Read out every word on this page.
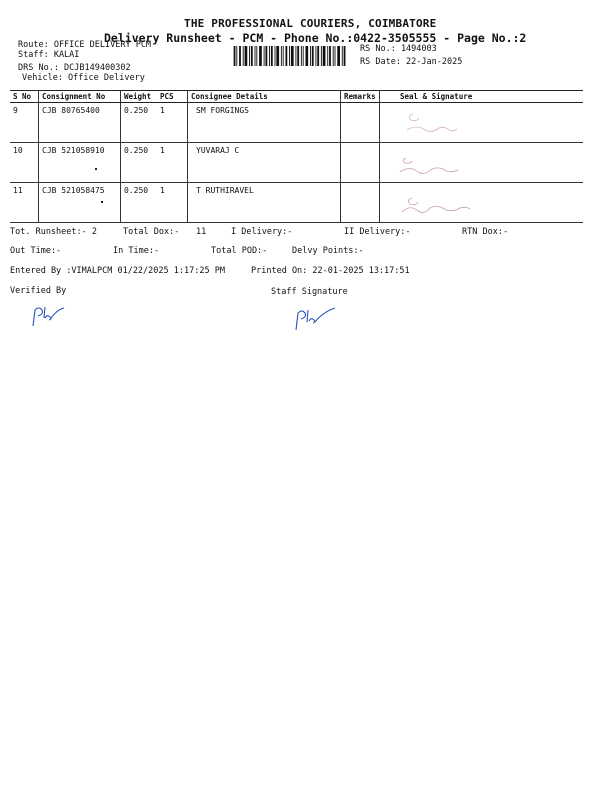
THE PROFESSIONAL COURIERS, COIMBATORE
Delivery Runsheet - PCM - Phone No.:0422-3505555 - Page No.:2
Route: OFFICE DELIVERY PCM
Staff: KALAI
DRS No.: DCJB149400302
Vehicle: Office Delivery
RS No.: 1494003
RS Date: 22-Jan-2025
S No	Consignment No	Weight	PCS	Consignee Details	Remarks	Seal & Signature
9	CJB 80765400	0.250	1	SM FORGINGS		
10	CJB 521058910	0.250	1	YUVARAJ C		
11	CJB 521058475	0.250	1	T RUTHIRAVEL		
Tot. Runsheet:- 2	Total Dox:- 11	I Delivery:-	II Delivery:-	RTN Dox:-
Out Time:-	In Time:-	Total POD:-	Delvy Points:-
Entered By :VIMALPCM 01/22/2025 1:17:25 PM	Printed On: 22-01-2025 13:17:51
Verified By	Staff Signature
